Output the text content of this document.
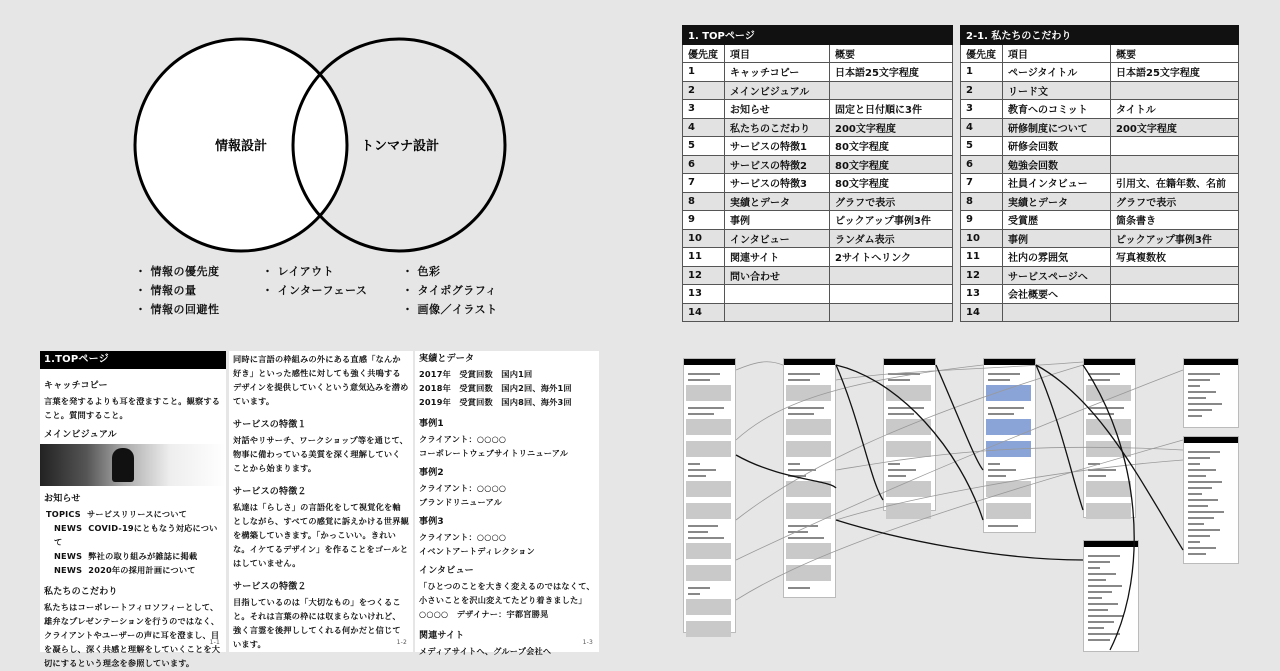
情報設計	トンマナ設計
・ 情報の優先度
・ 情報の量
・ 情報の回避性
・ レイアウト
・ インターフェース
・ 色彩
・ タイポグラフィ
・ 画像／イラスト
1. TOPページ		
優先度	項目	概要
1	キャッチコピー	日本語25文字程度
2	メインビジュアル	
3	お知らせ	固定と日付順に3件
4	私たちのこだわり	200文字程度
5	サービスの特徴1	80文字程度
6	サービスの特徴2	80文字程度
7	サービスの特徴3	80文字程度
8	実績とデータ	グラフで表示
9	事例	ピックアップ事例3件
10	インタビュー	ランダム表示
11	関連サイト	2サイトへリンク
12	問い合わせ	
13		
14		
2-1. 私たちのこだわり		
優先度	項目	概要
1	ページタイトル	日本語25文字程度
2	リード文	
3	教育へのコミット	タイトル
4	研修制度について	200文字程度
5	研修会回数	
6	勉強会回数	
7	社員インタビュー	引用文、在籍年数、名前
8	実績とデータ	グラフで表示
9	受賞歴	箇条書き
10	事例	ピックアップ事例3件
11	社内の雰囲気	写真複数枚
12	サービスページへ	
13	会社概要へ	
14		
1.TOPページ
キャッチコピー

言葉を発するよりも耳を澄ますこと。観察すること。質問すること。

メインビジュアル
お知らせ

TOPICS サービスリリースについて

NEWS COVID-19にともなう対応について

NEWS 弊社の取り組みが雑誌に掲載

NEWS 2020年の採用計画について

私たちのこだわり

私たちはコーポレートフィロソフィーとして、雄弁なプレゼンテーションを行うのではなく、クライアントやユーザーの声に耳を澄まし、目を凝らし、深く共感と理解をしていくことを大切にするという理念を参照しています。

1-1

同時に言語の枠組みの外にある直感「なんか好き」といった感性に対しても強く共鳴するデザインを提供していくという意気込みを潜めています。

サービスの特徴１

対話やリサーチ、ワークショップ等を通じて、物事に備わっている美質を深く理解していくことから始まります。

サービスの特徴２

私達は「らしさ」の言語化をして視覚化を軸としながら、すべての感覚に訴えかける世界観を構築していきます。「かっこいい。きれいな。イケてるデザイン」を作ることをゴールとはしていません。

サービスの特徴２

目指しているのは「大切なもの」をつくること。それは言葉の枠には収まらないけれど、強く言霊を後押ししてくれる何かだと信じています。	1-2
実績とデータ

2017年　受賞回数　国内1回

2018年　受賞回数　国内2回、海外1回

2019年　受賞回数　国内8回、海外3回

事例1

クライアント：○○○○

コーポレートウェブサイトリニューアル

事例2

クライアント：○○○○

ブランドリニューアル

事例3

クライアント：○○○○

イベントアートディレクション

インタビュー

「ひとつのことを大きく変えるのではなくて、小さいことを沢山変えてたどり着きました」

○○○○　デザイナー：宇都宮勝晃

関連サイト

メディアサイトへ、グループ会社へ

1-3
